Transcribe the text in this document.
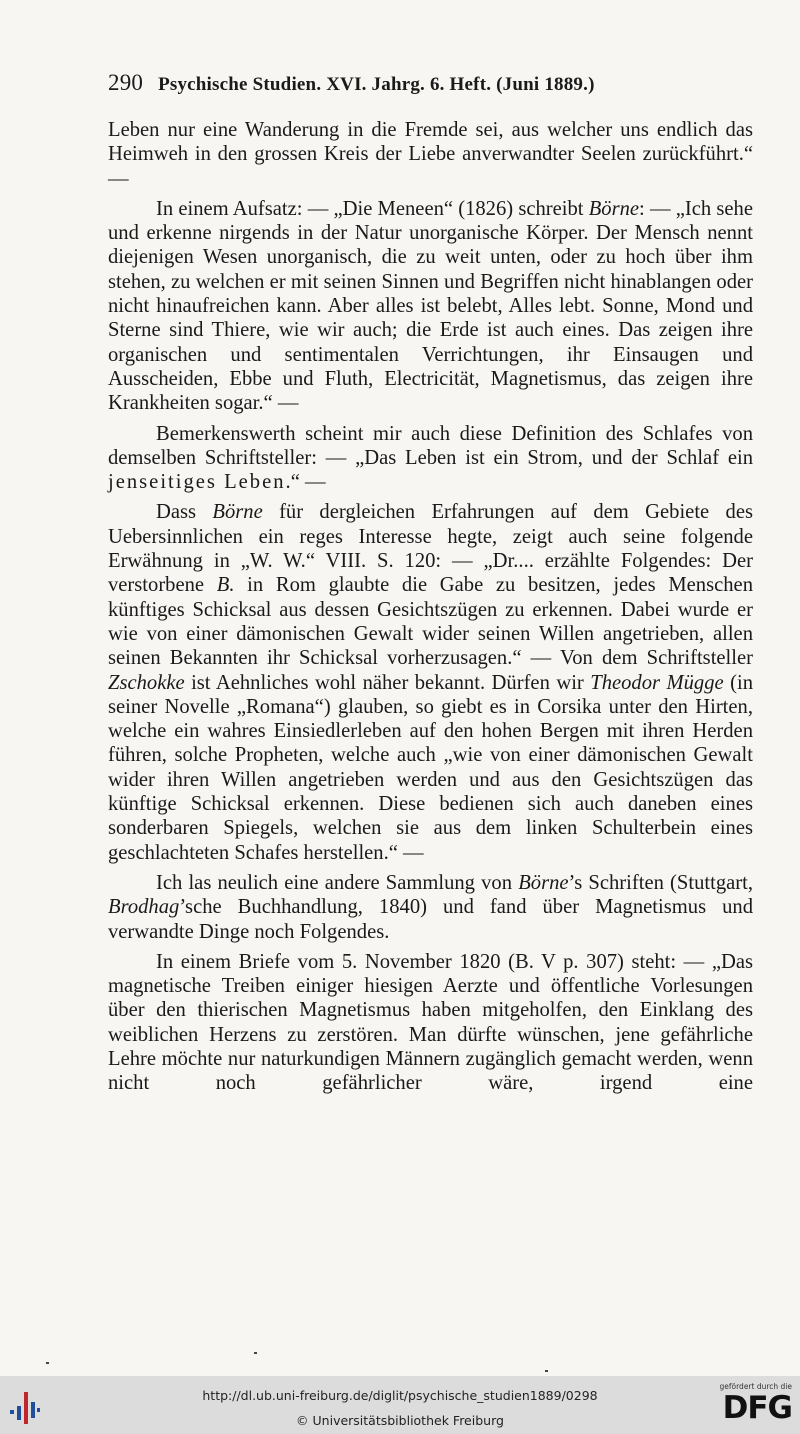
290 Psychische Studien. XVI. Jahrg. 6. Heft. (Juni 1889.)

Leben nur eine Wanderung in die Fremde sei, aus welcher uns endlich das Heimweh in den grossen Kreis der Liebe anverwandter Seelen zurückführt.“ —

In einem Aufsatz: — „Die Meneen“ (1826) schreibt Börne: — „Ich sehe und erkenne nirgends in der Natur unorganische Körper. Der Mensch nennt diejenigen Wesen unorganisch, die zu weit unten, oder zu hoch über ihm stehen, zu welchen er mit seinen Sinnen und Begriffen nicht hinablangen oder nicht hinaufreichen kann. Aber alles ist belebt, Alles lebt. Sonne, Mond und Sterne sind Thiere, wie wir auch; die Erde ist auch eines. Das zeigen ihre organischen und sentimentalen Verrichtungen, ihr Einsaugen und Ausscheiden, Ebbe und Fluth, Electricität, Magnetismus, das zeigen ihre Krankheiten sogar.“ —

Bemerkenswerth scheint mir auch diese Definition des Schlafes von demselben Schriftsteller: — „Das Leben ist ein Strom, und der Schlaf ein jenseitiges Leben.“ —

Dass Börne für dergleichen Erfahrungen auf dem Gebiete des Uebersinnlichen ein reges Interesse hegte, zeigt auch seine folgende Erwähnung in „W. W.“ VIII. S. 120: — „Dr.... erzählte Folgendes: Der verstorbene B. in Rom glaubte die Gabe zu besitzen, jedes Menschen künftiges Schicksal aus dessen Gesichtszügen zu erkennen. Dabei wurde er wie von einer dämonischen Gewalt wider seinen Willen angetrieben, allen seinen Bekannten ihr Schicksal vorherzusagen.“ — Von dem Schriftsteller Zschokke ist Aehnliches wohl näher bekannt. Dürfen wir Theodor Mügge (in seiner Novelle „Romana“) glauben, so giebt es in Corsika unter den Hirten, welche ein wahres Einsiedlerleben auf den hohen Bergen mit ihren Herden führen, solche Propheten, welche auch „wie von einer dämonischen Gewalt wider ihren Willen angetrieben werden und aus den Gesichtszügen das künftige Schicksal erkennen. Diese bedienen sich auch daneben eines sonderbaren Spiegels, welchen sie aus dem linken Schulterbein eines geschlachteten Schafes herstellen.“ —

Ich las neulich eine andere Sammlung von Börne’s Schriften (Stuttgart, Brodhag’sche Buchhandlung, 1840) und fand über Magnetismus und verwandte Dinge noch Folgendes.

In einem Briefe vom 5. November 1820 (B. V p. 307) steht: — „Das magnetische Treiben einiger hiesigen Aerzte und öffentliche Vorlesungen über den thierischen Magnetismus haben mitgeholfen, den Einklang des weiblichen Herzens zu zerstören. Man dürfte wünschen, jene gefährliche Lehre möchte nur naturkundigen Männern zugänglich gemacht werden, wenn nicht noch gefährlicher wäre, irgend eine

http://dl.ub.uni-freiburg.de/diglit/psychische_studien1889/0298
© Universitätsbibliothek Freiburg
gefördert durch die
DFG
